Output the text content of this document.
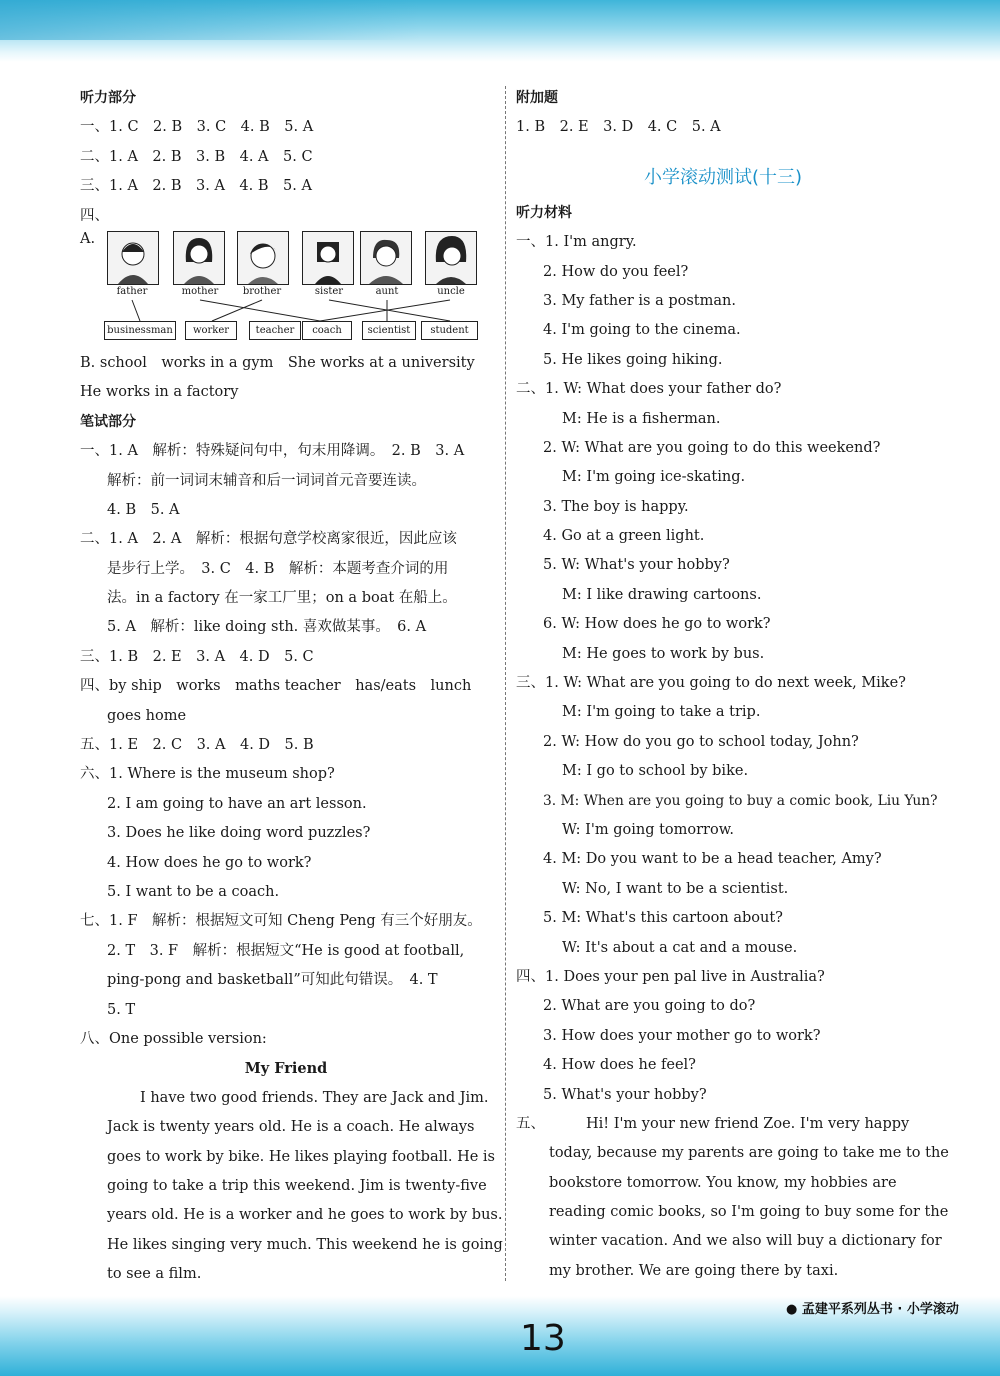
听力部分
一、1. C　2. B　3. C　4. B　5. A
二、1. A　2. B　3. B　4. A　5. C
三、1. A　2. B　3. A　4. B　5. A
四、
A.
father	mother	brother	sister	aunt	uncle
businessman	worker	teacher	coach	scientist	student
B. school　works in a gym　She works at a university
He works in a factory
笔试部分
一、1. A　解析：特殊疑问句中，句末用降调。　2. B　3. A
解析：前一词词末辅音和后一词词首元音要连读。
4. B　5. A
二、1. A　2. A　解析：根据句意学校离家很近，因此应该
是步行上学。　3. C　4. B　解析：本题考查介词的用
法。in a factory 在一家工厂里；on a boat 在船上。
5. A　解析：like doing sth. 喜欢做某事。　6. A
三、1. B　2. E　3. A　4. D　5. C
四、by ship　works　maths teacher　has/eats　lunch
goes home
五、1. E　2. C　3. A　4. D　5. B
六、1. Where is the museum shop?
2. I am going to have an art lesson.
3. Does he like doing word puzzles?
4. How does he go to work?
5. I want to be a coach.
七、1. F　解析：根据短文可知 Cheng Peng 有三个好朋友。
2. T　3. F　解析：根据短文“He is good at football,
ping-pong and basketball”可知此句错误。　4. T
5. T
八、One possible version:
My Friend
I have two good friends. They are Jack and Jim.
Jack is twenty years old. He is a coach. He always
goes to work by bike. He likes playing football. He is
going to take a trip this weekend. Jim is twenty-five
years old. He is a worker and he goes to work by bus.
He likes singing very much. This weekend he is going
to see a film.
附加题
1. B　2. E　3. D　4. C　5. A
小学滚动测试(十三)
听力材料
一、1. I'm angry.
2. How do you feel?
3. My father is a postman.
4. I'm going to the cinema.
5. He likes going hiking.
二、1. W: What does your father do?
M: He is a fisherman.
2. W: What are you going to do this weekend?
M: I'm going ice-skating.
3. The boy is happy.
4. Go at a green light.
5. W: What's your hobby?
M: I like drawing cartoons.
6. W: How does he go to work?
M: He goes to work by bus.
三、1. W: What are you going to do next week, Mike?
M: I'm going to take a trip.
2. W: How do you go to school today, John?
M: I go to school by bike.
3. M: When are you going to buy a comic book, Liu Yun?
W: I'm going tomorrow.
4. M: Do you want to be a head teacher, Amy?
W: No, I want to be a scientist.
5. M: What's this cartoon about?
W: It's about a cat and a mouse.
四、1. Does your pen pal live in Australia?
2. What are you going to do?
3. How does your mother go to work?
4. How does he feel?
5. What's your hobby?
五、	Hi! I'm your new friend Zoe. I'm very happy
today, because my parents are going to take me to the
bookstore tomorrow. You know, my hobbies are
reading comic books, so I'm going to buy some for the
winter vacation. And we also will buy a dictionary for
my brother. We are going there by taxi.
● 孟建平系列丛书 · 小学滚动
13
